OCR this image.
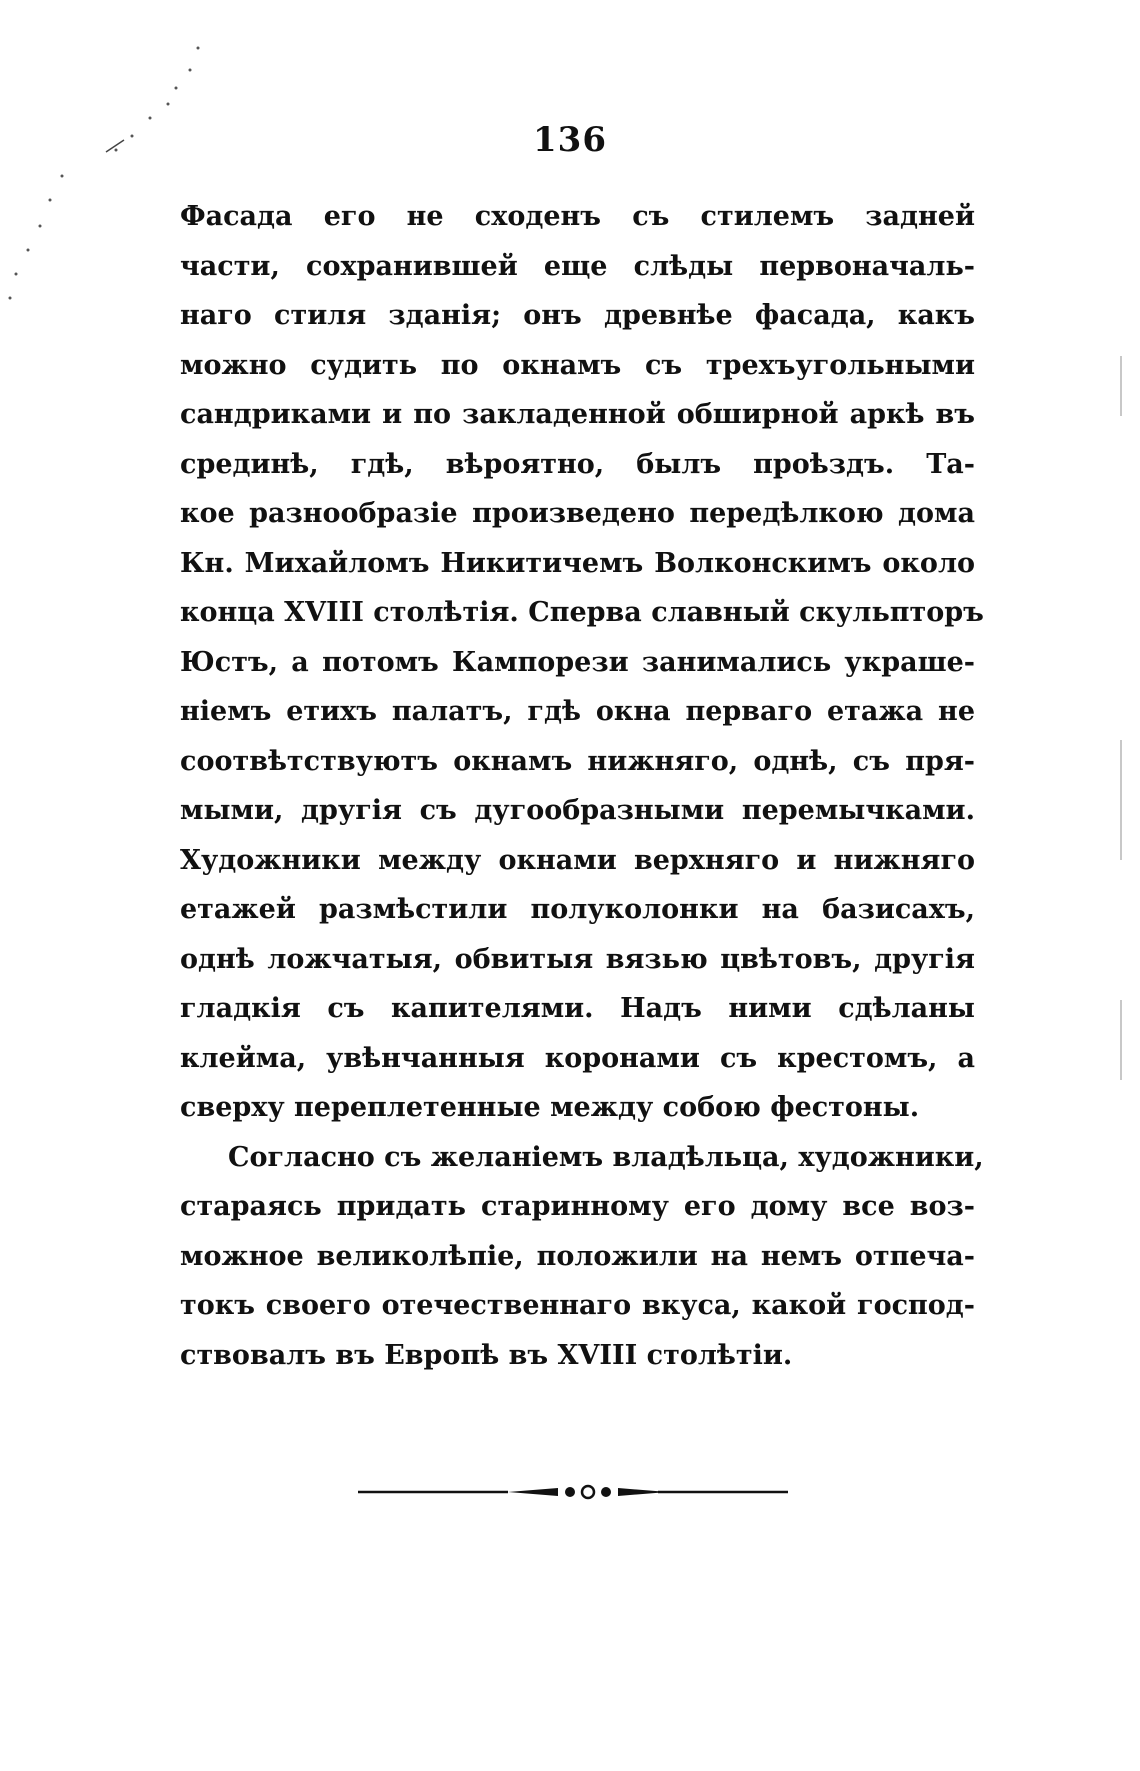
136
Фасада его не сходенъ съ стилемъ задней
части, сохранившей еще слѣды первоначаль-
наго стиля зданія; онъ древнѣе фасада, какъ
можно судить по окнамъ съ трехъугольными
сандриками и по закладенной обширной аркѣ въ
срединѣ, гдѣ, вѣроятно, былъ проѣздъ. Та-
кое разнообразіе произведено передѣлкою дома
Кн. Михайломъ Никитичемъ Волконскимъ около
конца XVIII столѣтія. Сперва славный скульпторъ
Юстъ, а потомъ Кампорези занимались украше-
ніемъ етихъ палатъ, гдѣ окна перваго етажа не
соотвѣтствуютъ окнамъ нижняго, однѣ, съ пря-
мыми, другія съ дугообразными перемычками.
Художники между окнами верхняго и нижняго
етажей размѣстили полуколонки на базисахъ,
однѣ ложчатыя, обвитыя вязью цвѣтовъ, другія
гладкія съ капителями. Надъ ними сдѣланы
клейма, увѣнчанныя коронами съ крестомъ, а
сверху переплетенные между собою фестоны.
Согласно съ желаніемъ владѣльца, художники,
стараясь придать старинному его дому все воз-
можное великолѣпіе, положили на немъ отпеча-
токъ своего отечественнаго вкуса, какой господ-
ствовалъ въ Европѣ въ XVIII столѣтіи.
